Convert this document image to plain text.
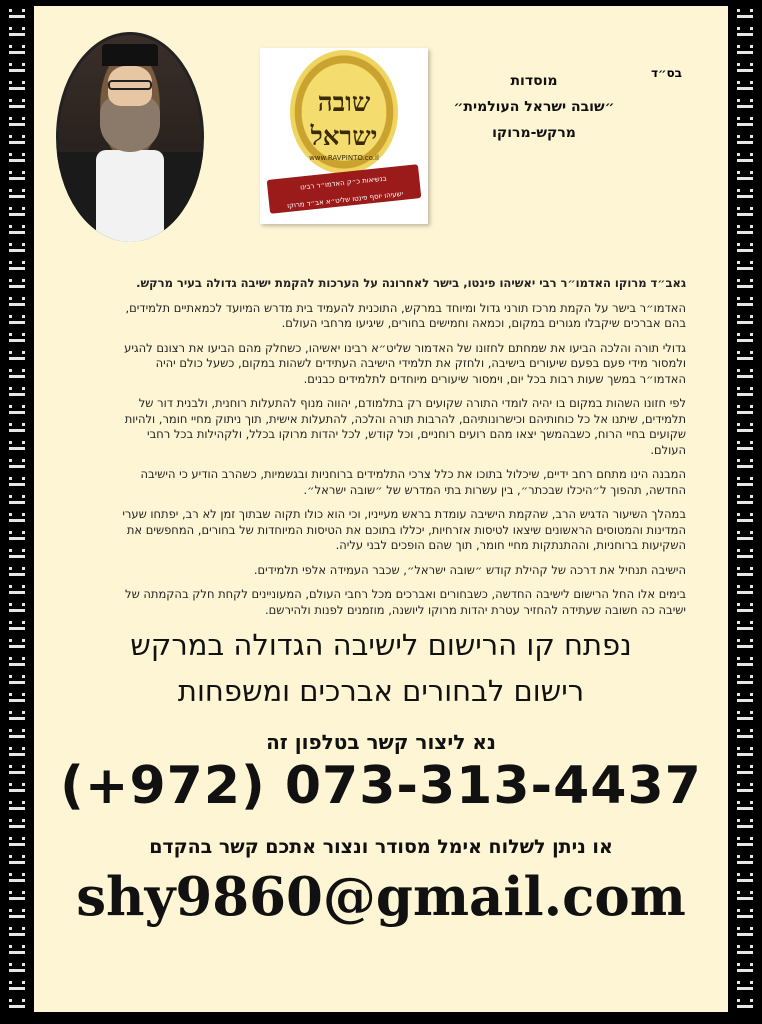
שובה
ישראל
www.RAVPINTO.co.il
בנשיאות כ״ק האדמו״ר רבינו
ישעיהו יוסף פינטו שליט״א אב״ד מרוקו
בס״ד
מוסדות
״שובה ישראל העולמית״
מרקש-מרוקו

גאב״ד מרוקו האדמו״ר רבי יאשיהו פינטו, בישר לאחרונה על הערכות להקמת ישיבה גדולה בעיר מרקש.

האדמו״ר בישר על הקמת מרכז תורני גדול ומיוחד במרקש, התוכנית להעמיד בית מדרש המיועד לכמאתיים תלמידים, בהם אברכים שיקבלו מגורים במקום, וכמאה וחמישים בחורים, שיגיעו מרחבי העולם.

גדולי תורה והלכה הביעו את שמחתם לחזונו של האדמור שליט״א רבינו יאשיהו, כשחלק מהם הביעו את רצונם להגיע ולמסור מידי פעם בפעם שיעורים בישיבה, ולחזק את תלמידי הישיבה העתידים לשהות במקום, כשעל כולם יהיה האדמו״ר במשך שעות רבות בכל יום, וימסור שיעורים מיוחדים לתלמידים כבנים.

לפי חזונו השהות במקום בו יהיה לומדי התורה שקועים רק בתלמודם, יהווה מנוף להתעלות רוחנית, ולבנית דור של תלמידים, שיתנו אל כל כוחותיהם וכישרונותיהם, להרבות תורה והלכה, להתעלות אישית, תוך ניתוק מחיי חומר, ולהיות שקועים בחיי הרוח, כשבהמשך יצאו מהם רועים רוחניים, וכל קודש, לכל יהדות מרוקו בכלל, ולקהילות בכל רחבי העולם.

המבנה הינו מתחם רחב ידיים, שיכלול בתוכו את כלל צרכי התלמידים ברוחניות ובגשמיות, כשהרב הודיע כי הישיבה החדשה, תהפוך ל״היכלו שבכתר״, בין עשרות בתי המדרש של ״שובה ישראל״.

במהלך השיעור הדגיש הרב, שהקמת הישיבה עומדת בראש מעייניו, וכי הוא כולו תקוה שבתוך זמן לא רב, יפתחו שערי המדינות והמטוסים הראשונים שיצאו לטיסות אזרחיות, יכללו בתוכם את הטיסות המיוחדות של בחורים, המחפשים את השקיעות ברוחניות, וההתנתקות מחיי חומר, תוך שהם הופכים לבני עליה.

הישיבה תנחיל את דרכה של קהילת קודש ״שובה ישראל״, שכבר העמידה אלפי תלמידים.

בימים אלו החל הרישום לישיבה החדשה, כשבחורים ואברכים מכל רחבי העולם, המעוניינים לקחת חלק בהקמתה של ישיבה כה חשובה שעתידה להחזיר עטרת יהדות מרוקו ליושנה, מוזמנים לפנות ולהירשם.

נפתח קו הרישום לישיבה הגדולה במרקש
רישום לבחורים אברכים ומשפחות
נא ליצור קשר בטלפון זה
(+972) 073-313-4437
או ניתן לשלוח אימל מסודר ונצור אתכם קשר בהקדם
shy9860@gmail.com
